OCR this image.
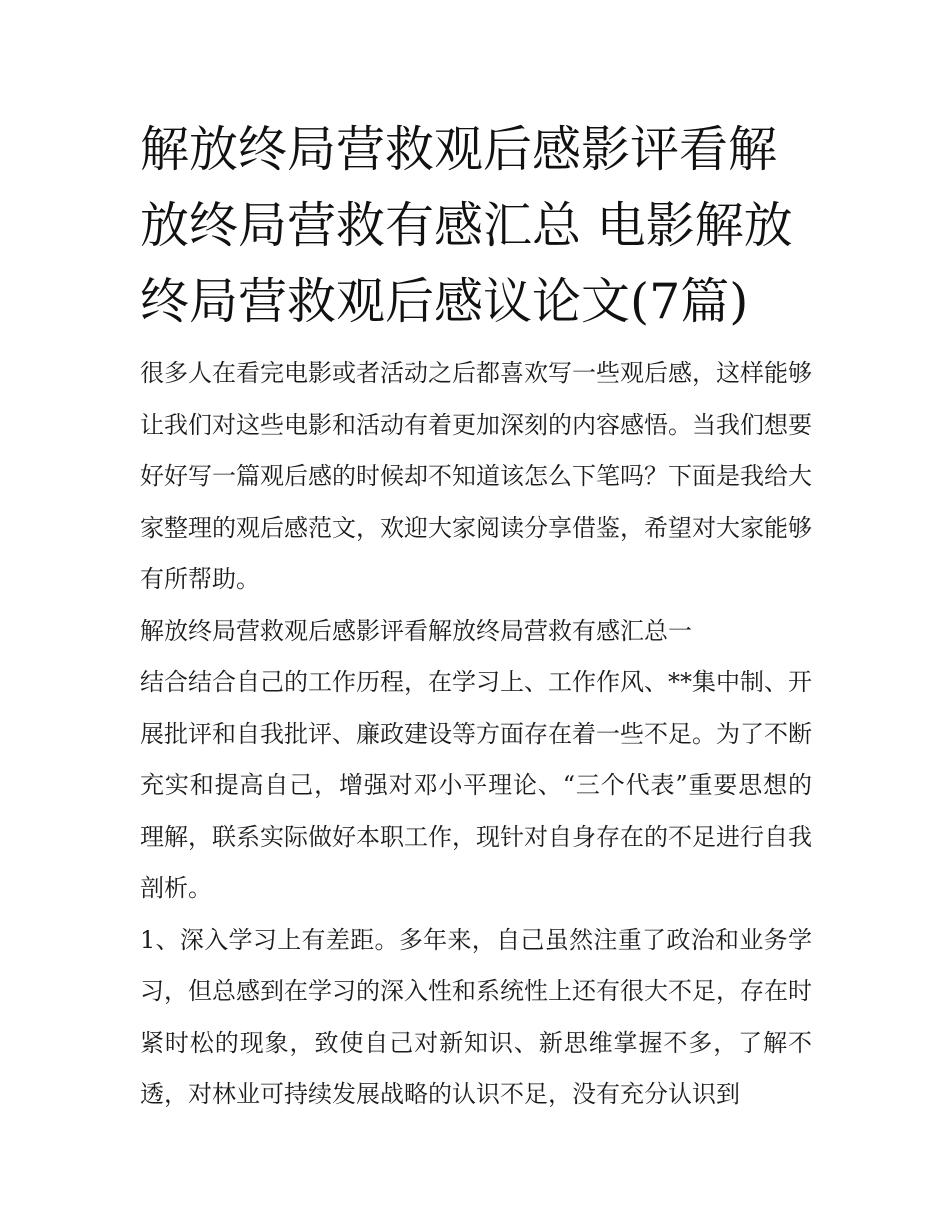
解放终局营救观后感影评看解放终局营救有感汇总 电影解放终局营救观后感议论文(7篇)

很多人在看完电影或者活动之后都喜欢写一些观后感，这样能够让我们对这些电影和活动有着更加深刻的内容感悟。当我们想要好好写一篇观后感的时候却不知道该怎么下笔吗？下面是我给大家整理的观后感范文，欢迎大家阅读分享借鉴，希望对大家能够有所帮助。

解放终局营救观后感影评看解放终局营救有感汇总一

结合结合自己的工作历程，在学习上、工作作风、**集中制、开展批评和自我批评、廉政建设等方面存在着一些不足。为了不断充实和提高自己，增强对邓小平理论、“三个代表”重要思想的理解，联系实际做好本职工作，现针对自身存在的不足进行自我剖析。

1、深入学习上有差距。多年来，自己虽然注重了政治和业务学习，但总感到在学习的深入性和系统性上还有很大不足，存在时紧时松的现象，致使自己对新知识、新思维掌握不多，了解不透，对林业可持续发展战略的认识不足，没有充分认识到
